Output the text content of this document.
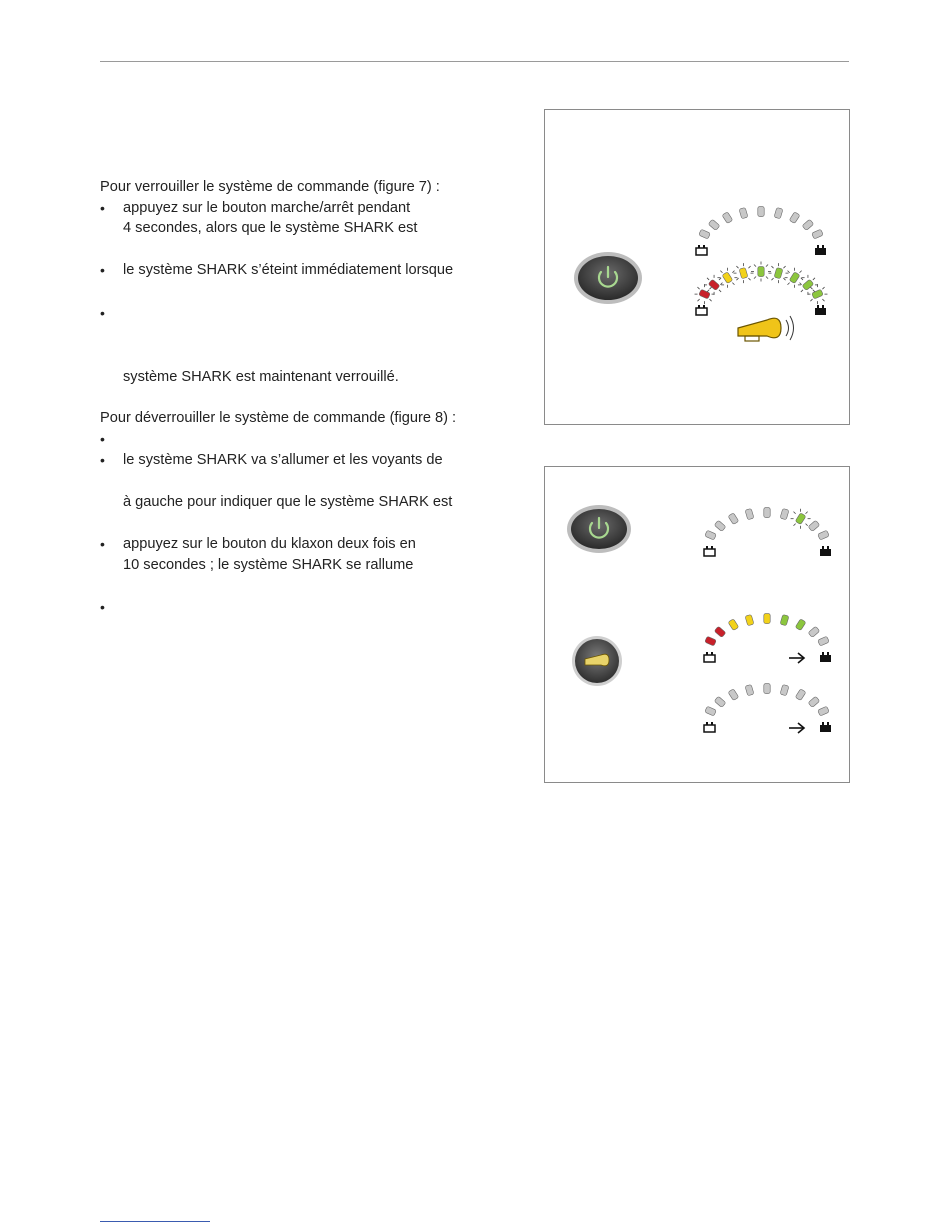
Pour verrouiller le système de commande (figure 7) :
• appuyez sur le bouton marche/arrêt pendant
4 secondes, alors que le système SHARK est
• le système SHARK s’éteint immédiatement lorsque
•
système SHARK est maintenant verrouillé.
Pour déverrouiller le système de commande (figure 8) :
•
• le système SHARK va s’allumer et les voyants de
à gauche pour indiquer que le système SHARK est
• appuyez sur le bouton du klaxon deux fois en
10 secondes ; le système SHARK se rallume
•
